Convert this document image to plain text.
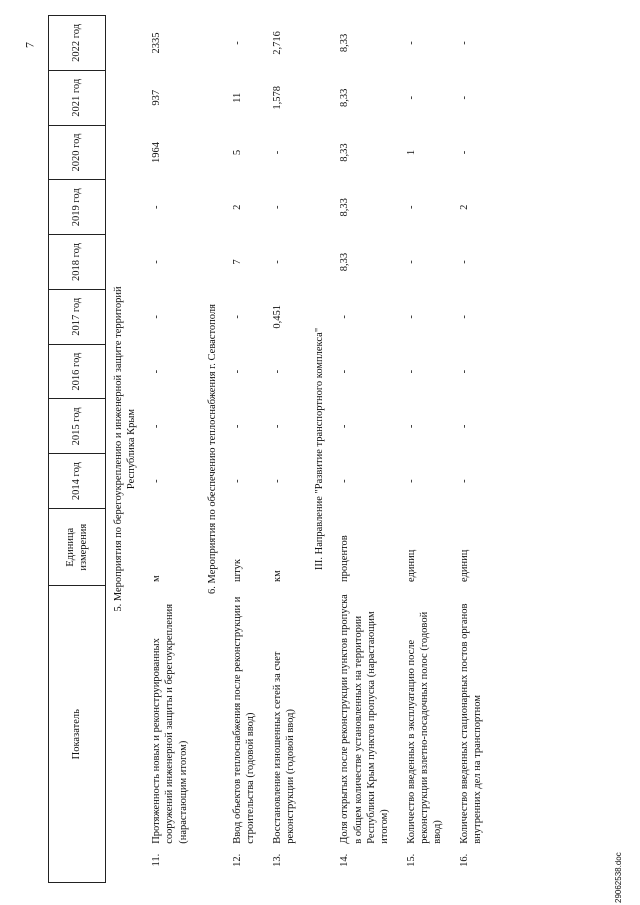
7
Показатель		Единица измерения	2014 год	2015 год	2016 год	2017 год	2018 год	2019 год	2020 год	2021 год	2022 год

5. Мероприятия по берегоукреплению и инженерной защите территорий Республика Крым											

11.	Протяженность новых и реконструированных сооружений инженерной защиты и берегоукрепления (нарастающим итогом)	м	-	-	-	-	-	-	1964	937	2335

6. Мероприятия по обеспечению теплоснабжения г. Севастополя											

12.	Ввод объектов теплоснабжения после реконструкции и строительства (годовой ввод)	штук	-	-	-	-	7	2	5	11	-
13.	Восстановление изношенных сетей за счет реконструкции (годовой ввод)	км	-	-	-	0,451	-	-	-	1,578	2,716

III. Направление "Развитие транспортного комплекса"											

14.	Доля открытых после реконструкции пунктов пропуска в общем количестве установленных на территории Республики Крым пунктов пропуска (нарастающим итогом)	процентов	-	-	-	-	8,33	8,33	8,33	8,33	8,33
15.	Количество введенных в эксплуатацию после реконструкции взлетно-посадочных полос (годовой ввод)	единиц	-	-	-	-	-	-	1	-	-
16.	Количество введенных стационарных постов органов внутренних дел на транспортном	единиц	-	-	-	-	-	2	-	-	-
29062538.doc
